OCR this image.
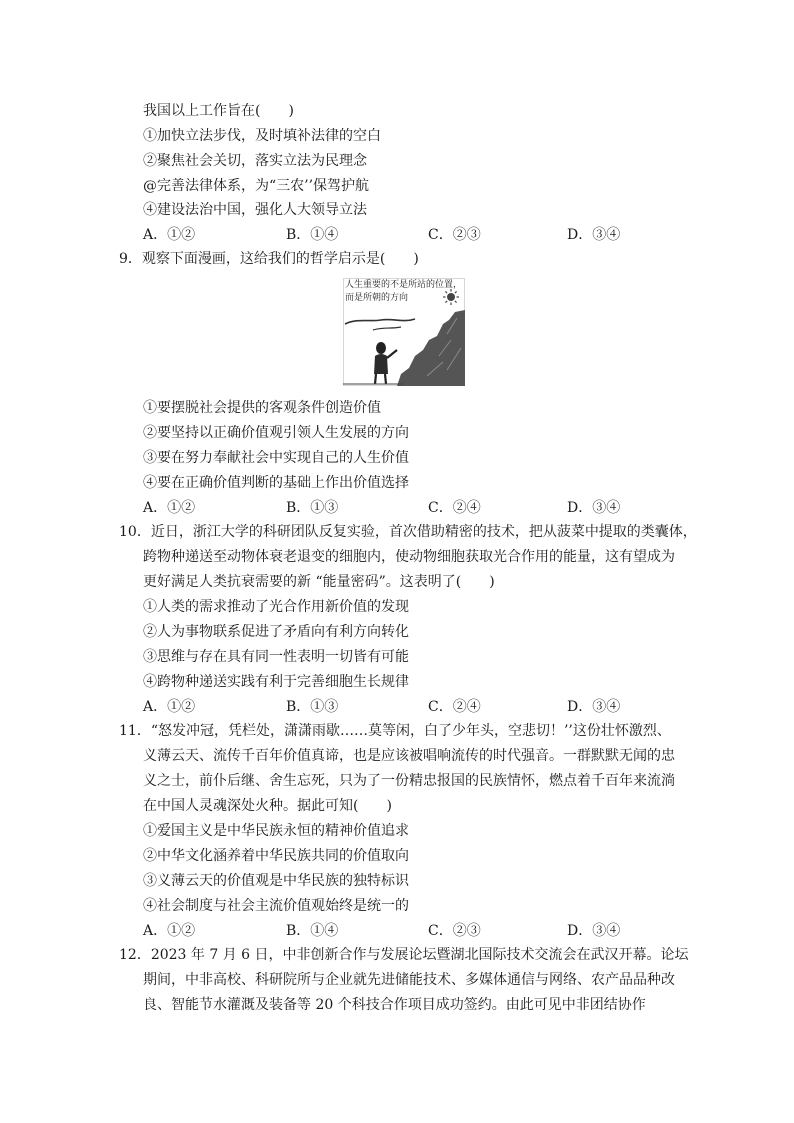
我国以上工作旨在(　　)
①加快立法步伐，及时填补法律的空白
②聚焦社会关切，落实立法为民理念
@完善法律体系，为“三农’’保驾护航
④建设法治中国，强化人大领导立法
A．①②	B．①④	C．②③	D．③④
9．观察下面漫画，这给我们的哲学启示是(　　)
人生重要的不是所站的位置，
而是所朝的方向
①要摆脱社会提供的客观条件创造价值
②要坚持以正确价值观引领人生发展的方向
③要在努力奉献社会中实现自己的人生价值
④要在正确价值判断的基础上作出价值选择
A．①②	B．①③	C．②④	D．③④
10．近日，浙江大学的科研团队反复实验，首次借助精密的技术，把从菠菜中提取的类囊体，
跨物种递送至动物体衰老退变的细胞内，使动物细胞获取光合作用的能量，这有望成为
更好满足人类抗衰需要的新 “能量密码”。这表明了(　　)
①人类的需求推动了光合作用新价值的发现
②人为事物联系促进了矛盾向有利方向转化
③思维与存在具有同一性表明一切皆有可能
④跨物种递送实践有利于完善细胞生长规律
A．①②	B．①③	C．②④	D．③④
11．“怒发冲冠，凭栏处，潇潇雨歇……莫等闲，白了少年头，空悲切！’’这份壮怀激烈、
义薄云天、流传千百年价值真谛，也是应该被唱响流传的时代强音。一群默默无闻的忠
义之士，前仆后继、舍生忘死，只为了一份精忠报国的民族情怀，燃点着千百年来流淌
在中国人灵魂深处火种。据此可知(　　)
①爱国主义是中华民族永恒的精神价值追求
②中华文化涵养着中华民族共同的价值取向
③义薄云天的价值观是中华民族的独特标识
④社会制度与社会主流价值观始终是统一的
A．①②	B．①④	C．②③	D．③④
12．2023 年 7 月 6 日，中非创新合作与发展论坛暨湖北国际技术交流会在武汉开幕。论坛
期间，中非高校、科研院所与企业就先进储能技术、多媒体通信与网络、农产品品种改
良、智能节水灌溉及装备等 20 个科技合作项目成功签约。由此可见中非团结协作
